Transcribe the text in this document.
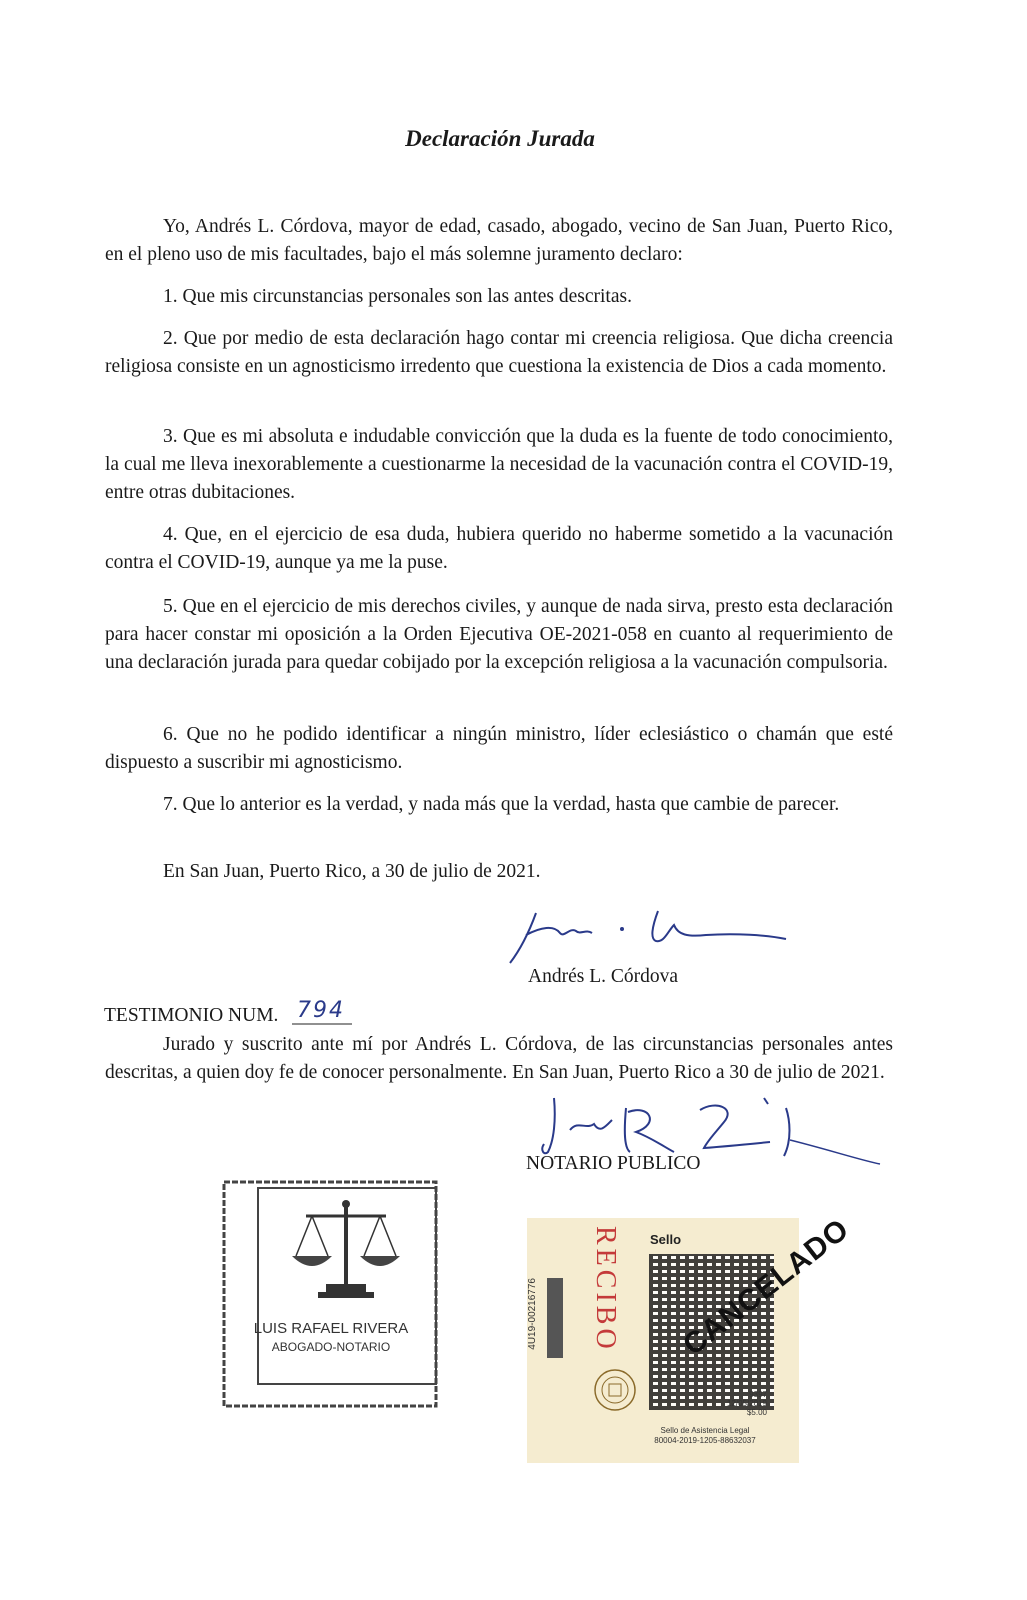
Declaración Jurada

Yo, Andrés L. Córdova, mayor de edad, casado, abogado, vecino de San Juan, Puerto Rico, en el pleno uso de mis facultades, bajo el más solemne juramento declaro:

1. Que mis circunstancias personales son las antes descritas.

2. Que por medio de esta declaración hago contar mi creencia religiosa. Que dicha creencia religiosa consiste en un agnosticismo irredento que cuestiona la existencia de Dios a cada momento.

3. Que es mi absoluta e indudable convicción que la duda es la fuente de todo conocimiento, la cual me lleva inexorablemente a cuestionarme la necesidad de la vacunación contra el COVID-19, entre otras dubitaciones.

4. Que, en el ejercicio de esa duda, hubiera querido no haberme sometido a la vacunación contra el COVID-19, aunque ya me la puse.

5. Que en el ejercicio de mis derechos civiles, y aunque de nada sirva, presto esta declaración para hacer constar mi oposición a la Orden Ejecutiva OE-2021-058 en cuanto al requerimiento de una declaración jurada para quedar cobijado por la excepción religiosa a la vacunación compulsoria.

6. Que no he podido identificar a ningún ministro, líder eclesiástico o chamán que esté dispuesto a suscribir mi agnosticismo.

7. Que lo anterior es la verdad, y nada más que la verdad, hasta que cambie de parecer.

En San Juan, Puerto Rico, a 30 de julio de 2021.
Andrés L. Córdova
TESTIMONIO NUM. 794

Jurado y suscrito ante mí por Andrés L. Córdova, de las circunstancias personales antes descritas, a quien doy fe de conocer personalmente. En San Juan, Puerto Rico a 30 de julio de 2021.

NOTARIO PUBLICO
LUIS RAFAEL RIVERA
ABOGADO-NOTARIO	RECIBO
4U19-00216776
Sello
CANCELADO
9397
12/05/2019
$5.00
Sello de Asistencia Legal
80004-2019-1205-88632037
